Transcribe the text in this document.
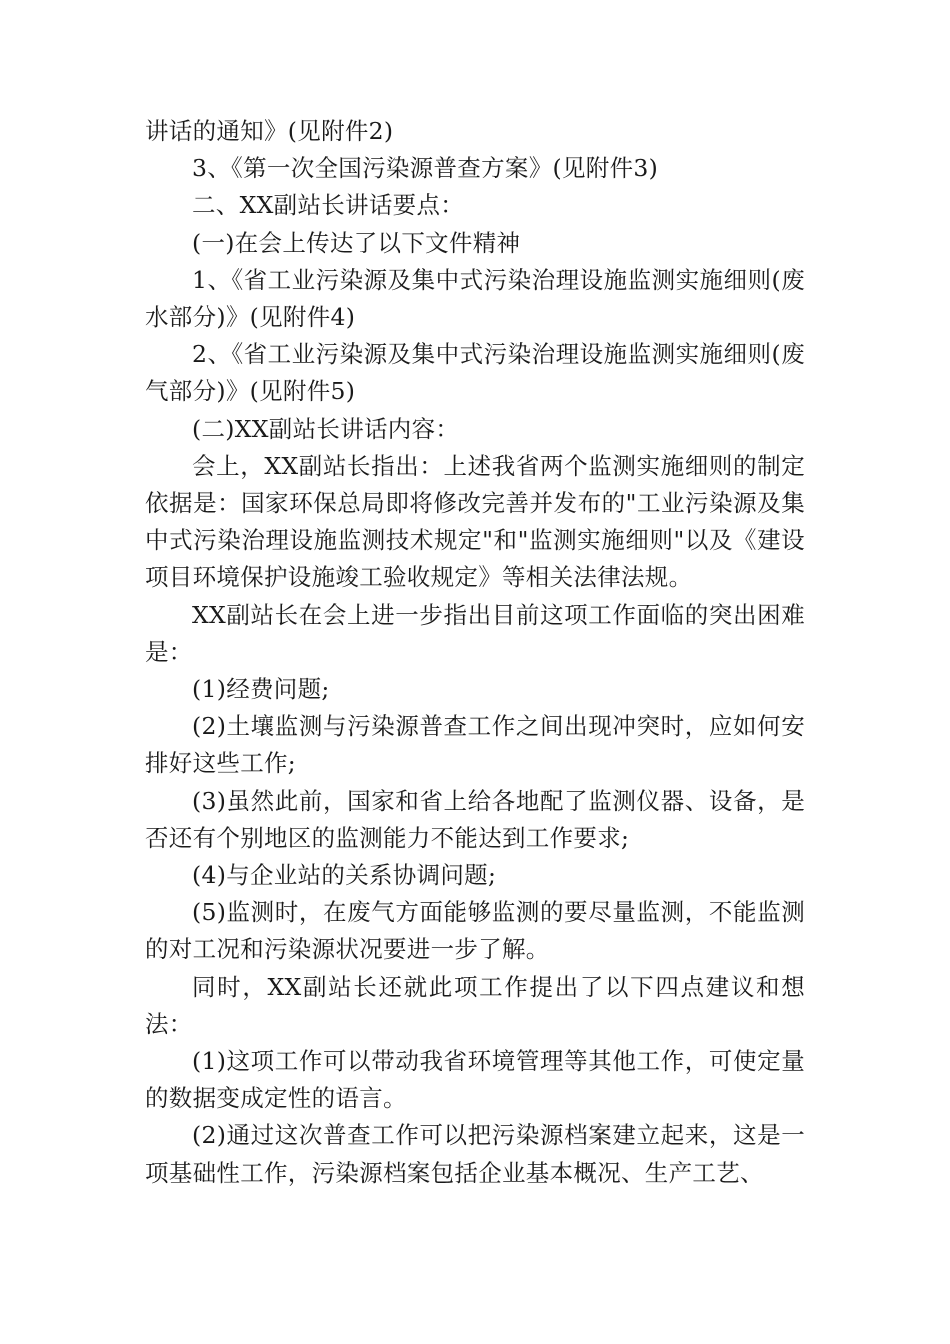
讲话的通知》(见附件2)

3、《第一次全国污染源普查方案》(见附件3)

二、XX副站长讲话要点：

(一)在会上传达了以下文件精神

1、《省工业污染源及集中式污染治理设施监测实施细则(废水部分)》(见附件4)

2、《省工业污染源及集中式污染治理设施监测实施细则(废气部分)》(见附件5)

(二)XX副站长讲话内容：

会上，XX副站长指出：上述我省两个监测实施细则的制定依据是：国家环保总局即将修改完善并发布的"工业污染源及集中式污染治理设施监测技术规定"和"监测实施细则"以及《建设项目环境保护设施竣工验收规定》等相关法律法规。

XX副站长在会上进一步指出目前这项工作面临的突出困难是：

(1)经费问题;

(2)土壤监测与污染源普查工作之间出现冲突时，应如何安排好这些工作;

(3)虽然此前，国家和省上给各地配了监测仪器、设备，是否还有个别地区的监测能力不能达到工作要求;

(4)与企业站的关系协调问题;

(5)监测时，在废气方面能够监测的要尽量监测，不能监测的对工况和污染源状况要进一步了解。

同时，XX副站长还就此项工作提出了以下四点建议和想法：

(1)这项工作可以带动我省环境管理等其他工作，可使定量的数据变成定性的语言。

(2)通过这次普查工作可以把污染源档案建立起来，这是一项基础性工作，污染源档案包括企业基本概况、生产工艺、
